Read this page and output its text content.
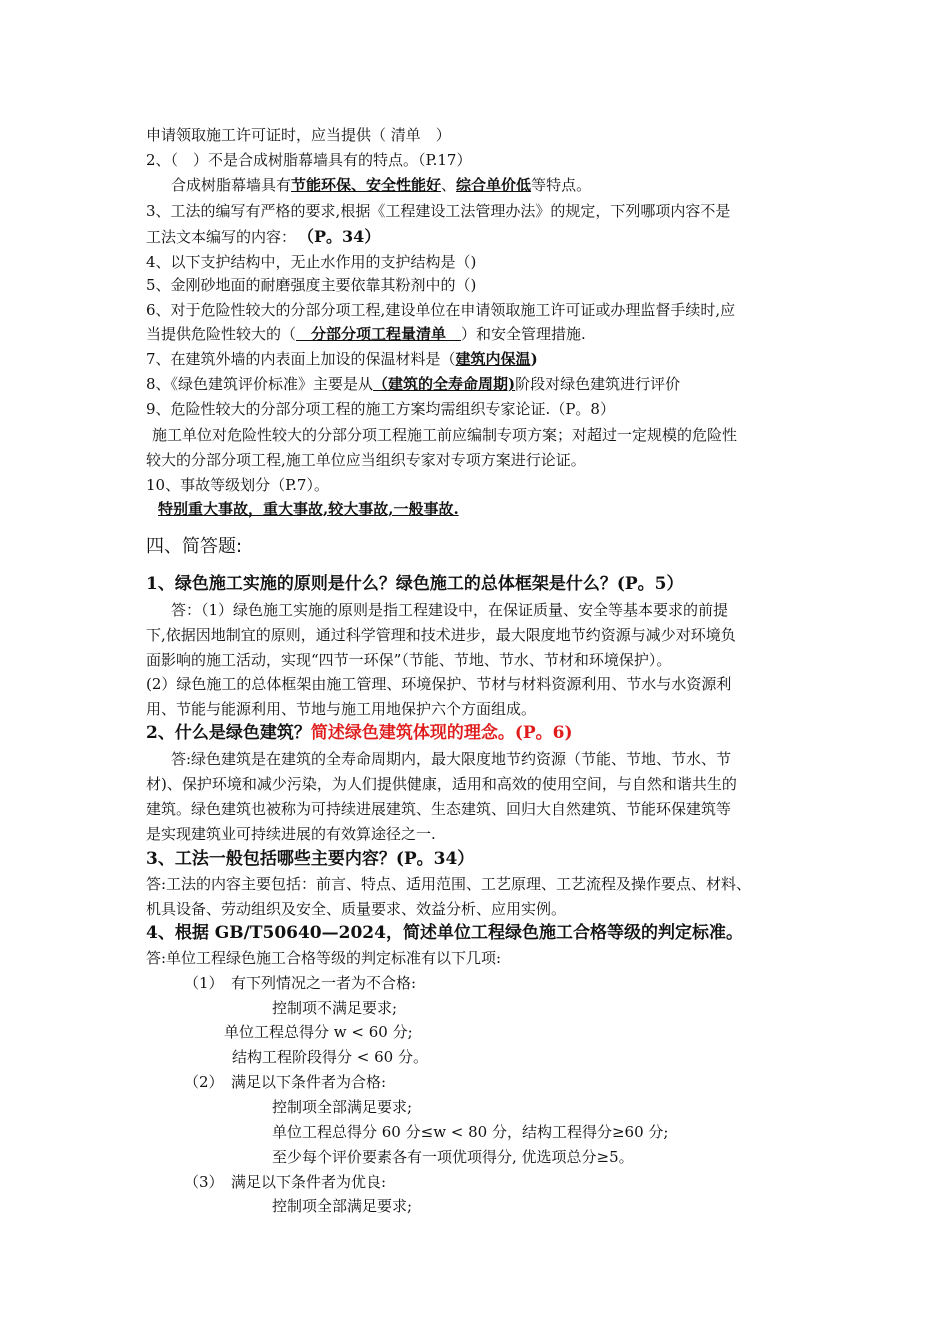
申请领取施工许可证时，应当提供（ 清单　）
2、（　）不是合成树脂幕墙具有的特点。（P.17）
合成树脂幕墙具有节能环保、安全性能好、综合单价低等特点。
3、工法的编写有严格的要求,根据《工程建设工法管理办法》的规定，下列哪项内容不是
工法文本编写的内容： （P。34）
4、以下支护结构中，无止水作用的支护结构是（)
5、金刚砂地面的耐磨强度主要依靠其粉剂中的（)
6、对于危险性较大的分部分项工程,建设单位在申请领取施工许可证或办理监督手续时,应
当提供危险性较大的（　分部分项工程量清单　）和安全管理措施.
7、在建筑外墙的内表面上加设的保温材料是（建筑内保温)
8、《绿色建筑评价标准》主要是从（建筑的全寿命周期)阶段对绿色建筑进行评价
9、危险性较大的分部分项工程的施工方案均需组织专家论证.（P。8）
施工单位对危险性较大的分部分项工程施工前应编制专项方案；对超过一定规模的危险性
较大的分部分项工程,施工单位应当组织专家对专项方案进行论证。
10、事故等级划分（P.7）。
特别重大事故，重大事故,较大事故,一般事故.
四、简答题:
1、绿色施工实施的原则是什么？绿色施工的总体框架是什么？(P。5）
答：（1）绿色施工实施的原则是指工程建设中，在保证质量、安全等基本要求的前提
下,依据因地制宜的原则，通过科学管理和技术进步，最大限度地节约资源与减少对环境负
面影响的施工活动，实现“四节一环保”（节能、节地、节水、节材和环境保护）。
(2）绿色施工的总体框架由施工管理、环境保护、节材与材料资源利用、节水与水资源利
用、节能与能源利用、节地与施工用地保护六个方面组成。
2、什么是绿色建筑？简述绿色建筑体现的理念。(P。6)
答:绿色建筑是在建筑的全寿命周期内，最大限度地节约资源（节能、节地、节水、节
材)、保护环境和减少污染，为人们提供健康，适用和高效的使用空间，与自然和谐共生的
建筑。绿色建筑也被称为可持续进展建筑、生态建筑、回归大自然建筑、节能环保建筑等
是实现建筑业可持续进展的有效算途径之一.
3、工法一般包括哪些主要内容？(P。34）
答:工法的内容主要包括：前言、特点、适用范围、工艺原理、工艺流程及操作要点、材料、
机具设备、劳动组织及安全、质量要求、效益分析、应用实例。
4、根据 GB/T50640—2024，简述单位工程绿色施工合格等级的判定标准。
答:单位工程绿色施工合格等级的判定标准有以下几项:
（1）　有下列情况之一者为不合格:
控制项不满足要求;
单位工程总得分 w < 60 分;
结构工程阶段得分 < 60 分。
（2）　满足以下条件者为合格:
控制项全部满足要求;
单位工程总得分 60 分≤w < 80 分，结构工程得分≥60 分;
至少每个评价要素各有一项优项得分, 优选项总分≥5。
（3）　满足以下条件者为优良:
控制项全部满足要求;
